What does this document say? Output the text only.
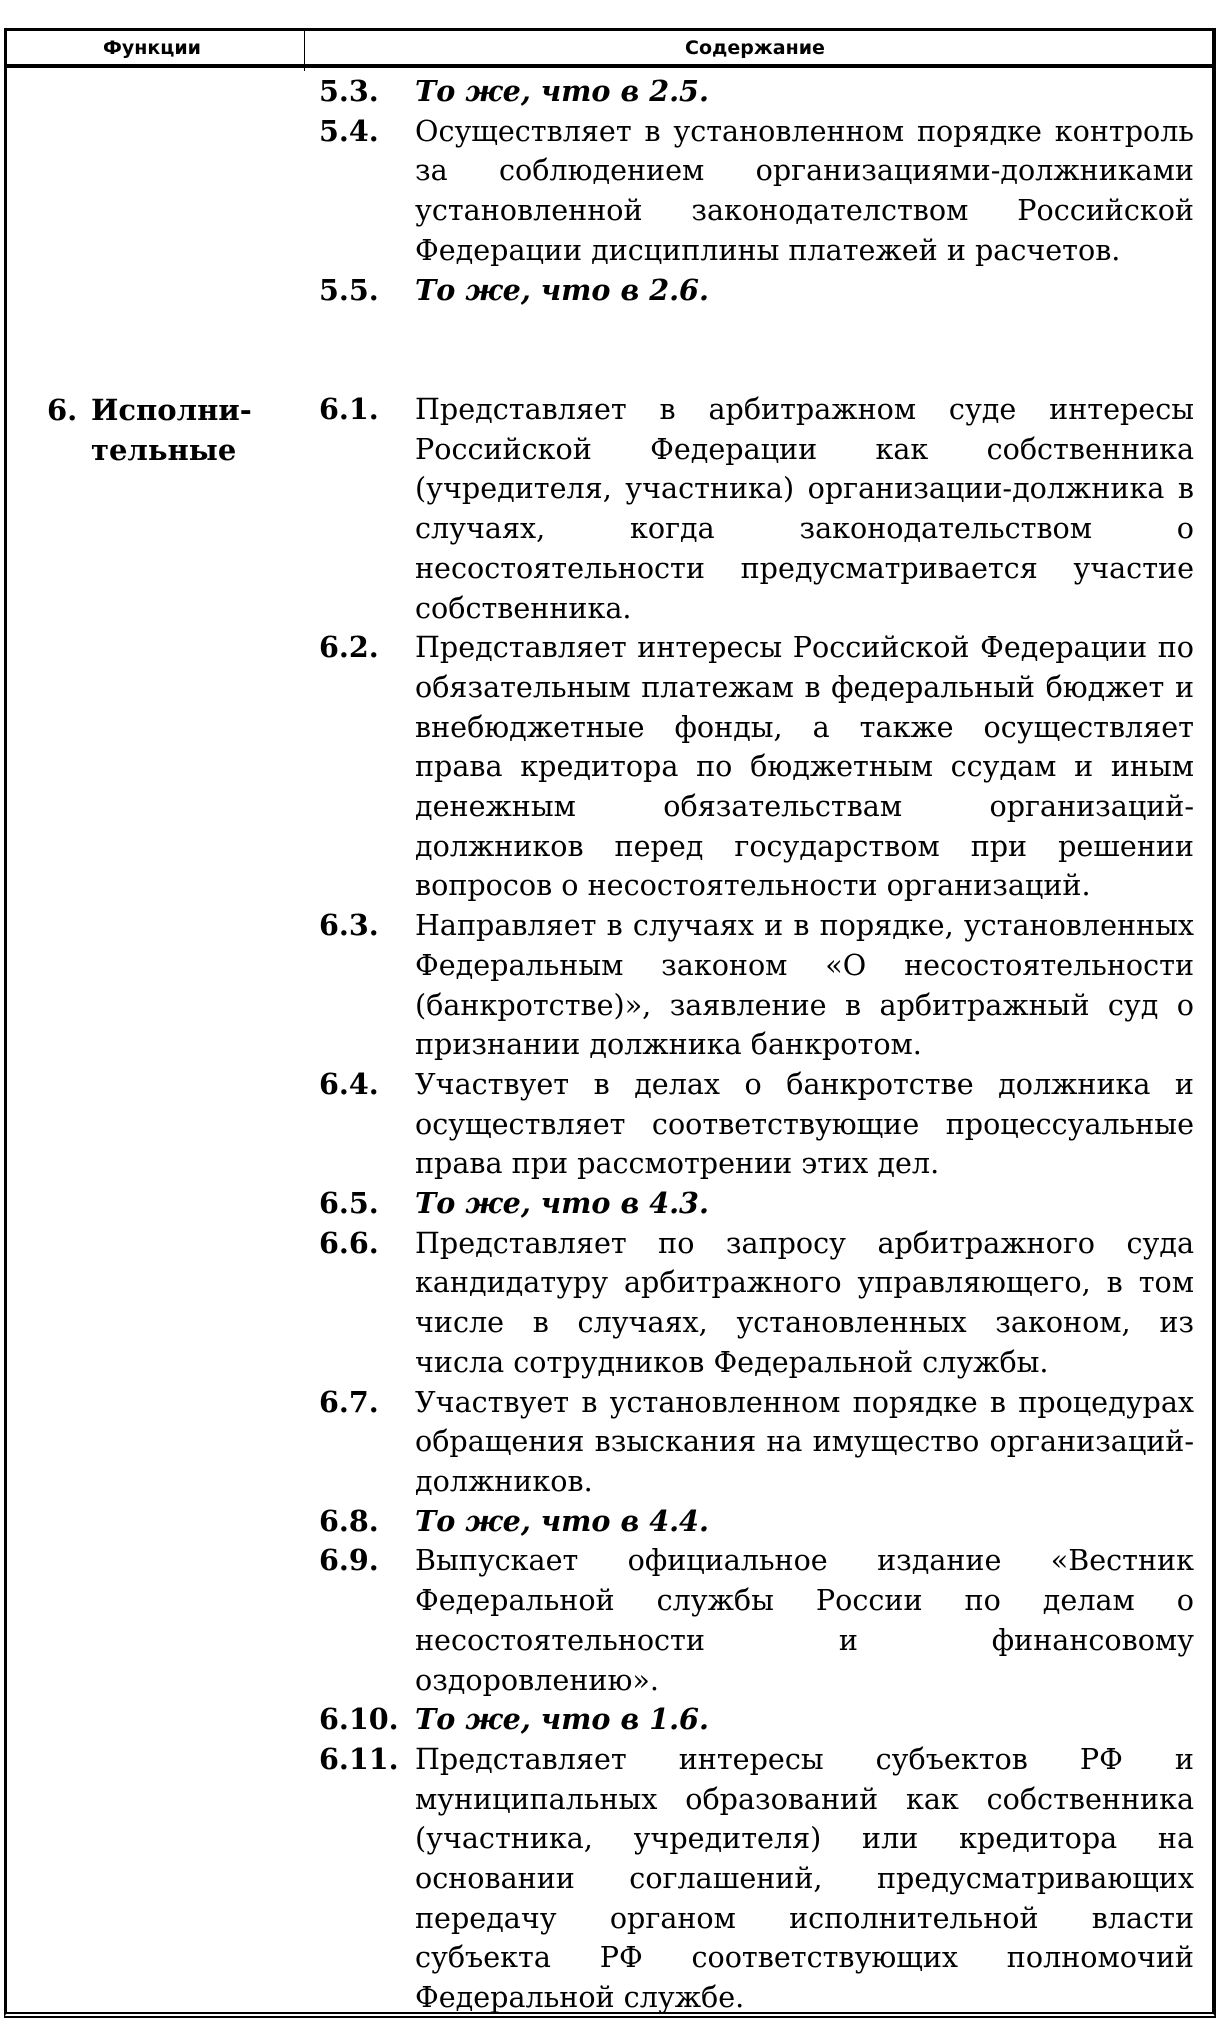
Функции	Содержание
5.3. То же, что в 2.5.
5.4. Осуществляет в установленном порядке контроль за соблюдением организациями-должниками установленной законодателством Российской Федерации дисциплины платежей и расчетов.
5.5. То же, что в 2.6.
6. Исполни-
тельные
6.1. Представляет в арбитражном суде интересы Российской Федерации как собственника (учредителя, участника) организации-должника в случаях, когда законодательством о несостоятельности предусматривается участие собственника.
6.2. Представляет интересы Российской Федерации по обязательным платежам в федеральный бюджет и внебюджетные фонды, а также осуществляет права кредитора по бюджетным ссудам и иным денежным обязательствам организаций-должников перед государством при решении вопросов о несостоятельности организаций.
6.3. Направляет в случаях и в порядке, установленных Федеральным законом «О несостоятельности (банкротстве)», заявление в арбитражный суд о признании должника банкротом.
6.4. Участвует в делах о банкротстве должника и осуществляет соответствующие процессуальные права при рассмотрении этих дел.
6.5. То же, что в 4.3.
6.6. Представляет по запросу арбитражного суда кандидатуру арбитражного управляющего, в том числе в случаях, установленных законом, из числа сотрудников Федеральной службы.
6.7. Участвует в установленном порядке в процедурах обращения взыскания на имущество организаций-должников.
6.8. То же, что в 4.4.
6.9. Выпускает официальное издание «Вестник Федеральной службы России по делам о несостоятельности и финансовому оздоровлению».
6.10. То же, что в 1.6.
6.11. Представляет интересы субъектов РФ и муниципальных образований как собственника (участника, учредителя) или кредитора на основании соглашений, предусматривающих передачу органом исполнительной власти субъекта РФ соответствующих полномочий Федеральной службе.
